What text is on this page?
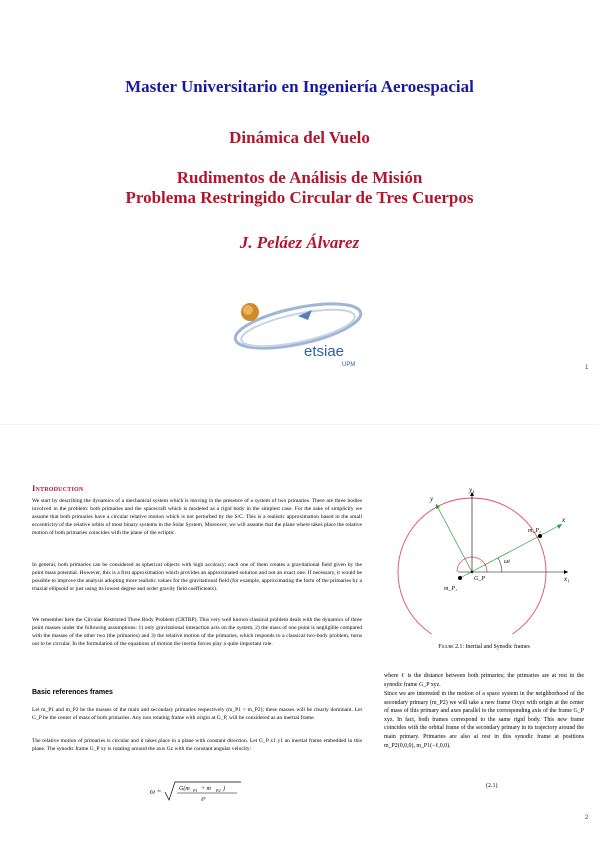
Master Universitario en Ingeniería Aeroespacial
Dinámica del Vuelo
Rudimentos de Análisis de Misión
Problema Restringido Circular de Tres Cuerpos
J. Peláez Álvarez
etsiae
UPM	1
Introduction
We start by describing the dynamics of a mechanical system which is moving in the presence of a system of two primaries. There are three bodies involved in the problem: both primaries and the spacecraft which is modeled as a rigid body in the simplest case. For the sake of simplicity we assume that both primaries have a circular relative motion which is not perturbed by the S/C. This is a realistic approximation based in the small eccentricity of the relative orbits of most binary systems in the Solar System. Moreover, we will assume that the plane where takes place the relative motion of both primaries coincides with the plane of the ecliptic.
In general, both primaries can be considered as spherical objects with high accuracy; each one of them creates a gravitational field given by the point mass potential. However, this is a first approximation which provides an approximated solution and not an exact one. If necessary, it would be possible to improve the analysis adopting more realistic values for the gravitational field (for example, approximating the form of the primaries by a triaxial ellipsoid or just using its lowest degree and order gravity field coefficients).
We remember here the Circular Restricted Three Body Problem (CRTBP). This very well known classical problem deals with the dynamics of three point masses under the following assumptions: 1) only gravitational interaction acts on the system, 2) the mass of one point is negligible compared with the masses of the other two (the primaries) and 3) the relative motion of the primaries, which responds to a classical two-body problem, turns out to be circular. In the formulation of the equations of motion the inertia forces play a quite important role.
Basic references frames
Let m_P1 and m_P2 be the masses of the main and secondary primaries respectively (m_P1 > m_P2); these masses will be clearly dominant. Let G_P be the center of mass of both primaries. Any non rotating frame with origin at G_P, will be considered as an inertial frame.
The relative motion of primaries is circular and it takes place in a plane with constant direction. Let G_P x1 y1 an inertial frame embedded in this plane. The synodic frame G_P xy is rotating around the axis Gz with the constant angular velocity:
ω =	G(m P1 + m P2 )
ℓ³
(2.1)
y
y₁
x
x₁
m_P₂
m_P₁
G_P
ωt
Figure 2.1: Inertial and Synodic frames
where ℓ is the distance between both primaries; the primaries are at rest in the synodic frame G_P xyz.
Since we are interested in the motion of a space system in the neighborhood of the secondary primary (m_P2) we will take a new frame Oxyz with origin at the center of mass of this primary and axes parallel to the corresponding axis of the frame G_P xyz. In fact, both frames correspond to the same rigid body. This new frame coincides with the orbital frame of the secondary primary in its trajectory around the main primary. Primaries are also at rest in this synodic frame at positions m_P2(0,0,0), m_P1(−ℓ,0,0).
2
